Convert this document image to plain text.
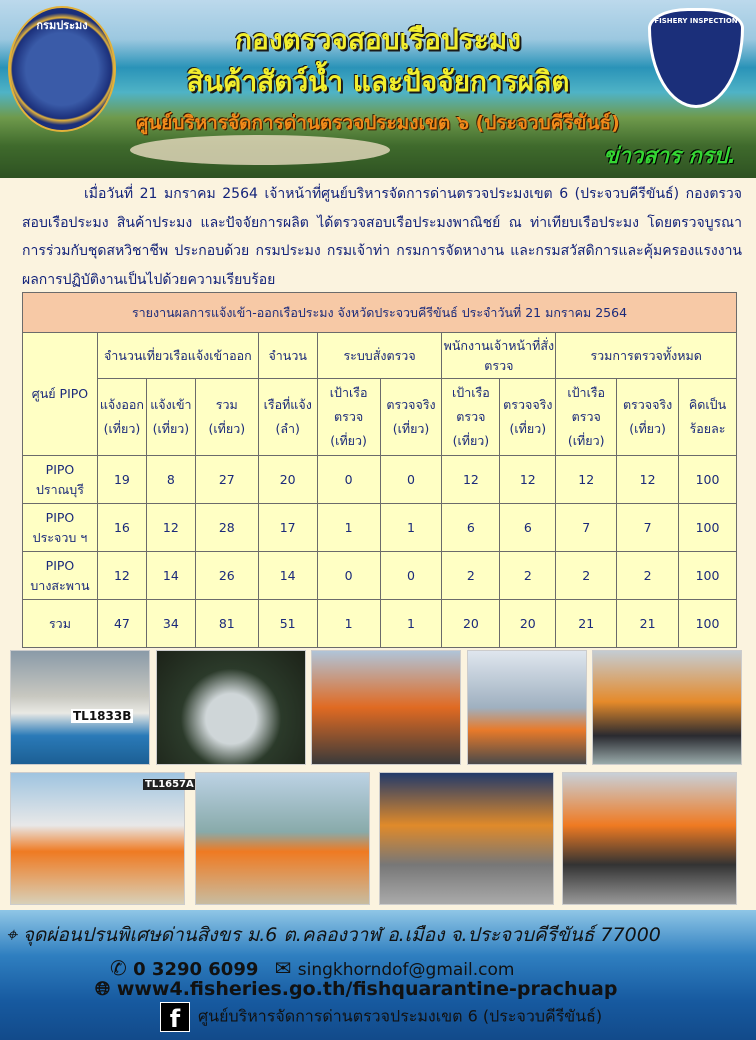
กรมประมง	FISHERY INSPECTION
กองตรวจสอบเรือประมง
สินค้าสัตว์น้ำ และปัจจัยการผลิต
ศูนย์บริหารจัดการด่านตรวจประมงเขต ๖ (ประจวบคีรีขันธ์)
ข่าวสาร กรป.
เมื่อวันที่ 21 มกราคม 2564 เจ้าหน้าที่ศูนย์บริหารจัดการด่านตรวจประมงเขต 6 (ประจวบคีรีขันธ์) กองตรวจสอบเรือประมง สินค้าประมง และปัจจัยการผลิต ได้ตรวจสอบเรือประมงพาณิชย์ ณ ท่าเทียบเรือประมง โดยตรวจบูรณาการร่วมกับชุดสหวิชาชีพ ประกอบด้วย กรมประมง กรมเจ้าท่า กรมการจัดหางาน และกรมสวัสดิการและคุ้มครองแรงงาน ผลการปฏิบัติงานเป็นไปด้วยความเรียบร้อย
รายงานผลการแจ้งเข้า-ออกเรือประมง จังหวัดประจวบคีรีขันธ์ ประจำวันที่ 21 มกราคม 2564											
ศูนย์ PIPO	จำนวนเที่ยวเรือแจ้งเข้าออก			จำนวน	ระบบสั่งตรวจ		พนักงานเจ้าหน้าที่สั่งตรวจ		รวมการตรวจทั้งหมด		
	แจ้งออก (เที่ยว)	แจ้งเข้า (เที่ยว)	รวม (เที่ยว)	เรือที่แจ้ง (ลำ)	เป้าเรือ ตรวจ (เที่ยว)	ตรวจจริง (เที่ยว)	เป้าเรือ ตรวจ (เที่ยว)	ตรวจจริง (เที่ยว)	เป้าเรือ ตรวจ (เที่ยว)	ตรวจจริง (เที่ยว)	คิดเป็น ร้อยละ
PIPO ปราณบุรี	19	8	27	20	0	0	12	12	12	12	100
PIPO ประจวบ ฯ	16	12	28	17	1	1	6	6	7	7	100
PIPO บางสะพาน	12	14	26	14	0	0	2	2	2	2	100
รวม	47	34	81	51	1	1	20	20	21	21	100
TL1833B
TL1657A
⌖ จุดผ่อนปรนพิเศษด่านสิงขร ม.6 ต.คลองวาฬ อ.เมือง จ.ประจวบคีรีขันธ์ 77000
✆ 0 3290 6099 ✉ singkhorndof@gmail.com
🌐︎ www4.fisheries.go.th/fishquarantine-prachuap
f ศูนย์บริหารจัดการด่านตรวจประมงเขต 6 (ประจวบคีรีขันธ์)
